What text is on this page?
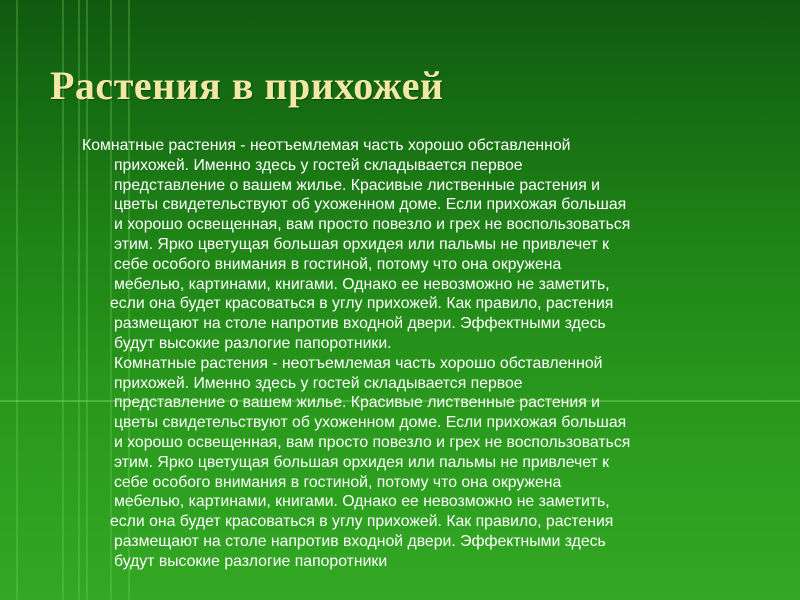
Растения в прихожей
Комнатные растения - неотъемлемая часть хорошо обставленной
прихожей. Именно здесь у гостей складывается первое
представление о вашем жилье. Красивые лиственные растения и
цветы свидетельствуют об ухоженном доме. Если прихожая большая
и хорошо освещенная, вам просто повезло и грех не воспользоваться
этим. Ярко цветущая большая орхидея или пальмы не привлечет к
себе особого внимания в гостиной, потому что она окружена
мебелью, картинами, книгами. Однако ее невозможно не заметить,
если она будет красоваться в углу прихожей. Как правило, растения
размещают на столе напротив входной двери. Эффектными здесь
будут высокие разлогие папоротники.
Комнатные растения - неотъемлемая часть хорошо обставленной
прихожей. Именно здесь у гостей складывается первое
представление о вашем жилье. Красивые лиственные растения и
цветы свидетельствуют об ухоженном доме. Если прихожая большая
и хорошо освещенная, вам просто повезло и грех не воспользоваться
этим. Ярко цветущая большая орхидея или пальмы не привлечет к
себе особого внимания в гостиной, потому что она окружена
мебелью, картинами, книгами. Однако ее невозможно не заметить,
если она будет красоваться в углу прихожей. Как правило, растения
размещают на столе напротив входной двери. Эффектными здесь
будут высокие разлогие папоротники
